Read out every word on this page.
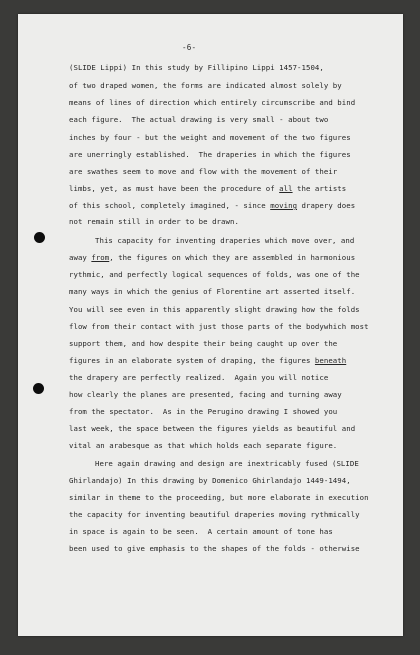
-6-
(SLIDE Lippi) In this study by Fillipino Lippi 1457-1504,
of two draped women, the forms are indicated almost solely by
means of lines of direction which entirely circumscribe and bind
each figure.  The actual drawing is very small - about two
inches by four - but the weight and movement of the two figures
are unerringly established.  The draperies in which the figures
are swathes seem to move and flow with the movement of their
limbs, yet, as must have been the procedure of all the artists
of this school, completely imagined, - since moving drapery does
not remain still in order to be drawn.
This capacity for inventing draperies which move over, and
away from, the figures on which they are assembled in harmonious
rythmic, and perfectly logical sequences of folds, was one of the
many ways in which the genius of Florentine art asserted itself.
You will see even in this apparently slight drawing how the folds
flow from their contact with just those parts of the bodywhich most
support them, and how despite their being caught up over the
figures in an elaborate system of draping, the figures beneath
the drapery are perfectly realized.  Again you will notice
how clearly the planes are presented, facing and turning away
from the spectator.  As in the Perugino drawing I showed you
last week, the space between the figures yields as beautiful and
vital an arabesque as that which holds each separate figure.
Here again drawing and design are inextricably fused (SLIDE
Ghirlandajo) In this drawing by Domenico Ghirlandajo 1449-1494,
similar in theme to the proceeding, but more elaborate in execution
the capacity for inventing beautiful draperies moving rythmically
in space is again to be seen.  A certain amount of tone has
been used to give emphasis to the shapes of the folds - otherwise
